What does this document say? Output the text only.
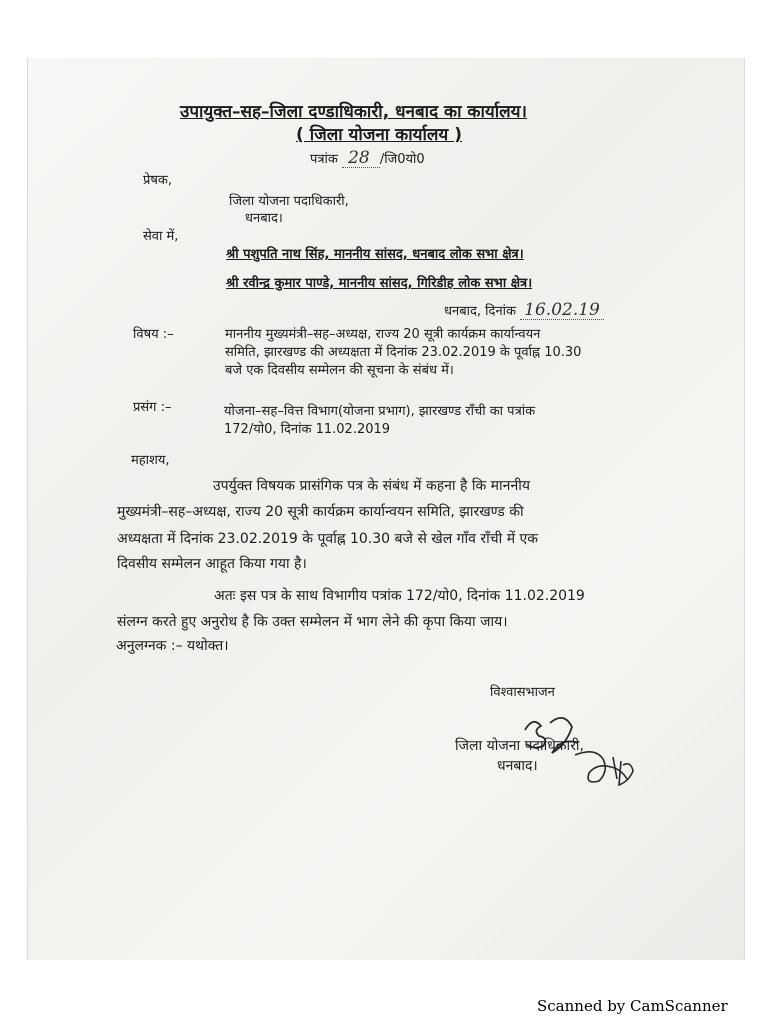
उपायुक्त–सह–जिला दण्डाधिकारी, धनबाद का कार्यालय।
( जिला योजना कार्यालय )
पत्रांक 28 /जि0यो0
प्रेषक,
जिला योजना पदाधिकारी,
धनबाद।
सेवा में,
श्री पशुपति नाथ सिंह, माननीय सांसद, धनबाद लोक सभा क्षेत्र।
श्री रवीन्द्र कुमार पाण्डे, माननीय सांसद, गिरिडीह लोक सभा क्षेत्र।
धनबाद, दिनांक 16.02.19
विषय :–	माननीय मुख्यमंत्री–सह–अध्यक्ष, राज्य 20 सूत्री कार्यक्रम कार्यान्वयन
समिति, झारखण्ड की अध्यक्षता में दिनांक 23.02.2019 के पूर्वाह्न 10.30
बजे एक दिवसीय सम्मेलन की सूचना के संबंध में।
प्रसंग :–	योजना–सह–वित्त विभाग(योजना प्रभाग), झारखण्ड राँची का पत्रांक
172/यो0, दिनांक 11.02.2019
महाशय,
उपर्युक्त विषयक प्रासंगिक पत्र के संबंध में कहना है कि माननीय
मुख्यमंत्री–सह–अध्यक्ष, राज्य 20 सूत्री कार्यक्रम कार्यान्वयन समिति, झारखण्ड की
अध्यक्षता में दिनांक 23.02.2019 के पूर्वाह्न 10.30 बजे से खेल गाँव राँची में एक
दिवसीय सम्मेलन आहूत किया गया है।
अतः इस पत्र के साथ विभागीय पत्रांक 172/यो0, दिनांक 11.02.2019
संलग्न करते हुए अनुरोध है कि उक्त सम्मेलन में भाग लेने की कृपा किया जाय।
अनुलग्नक :– यथोक्त।
विश्वासभाजन
जिला योजना पदाधिकारी,
धनबाद।
Scanned by CamScanner
